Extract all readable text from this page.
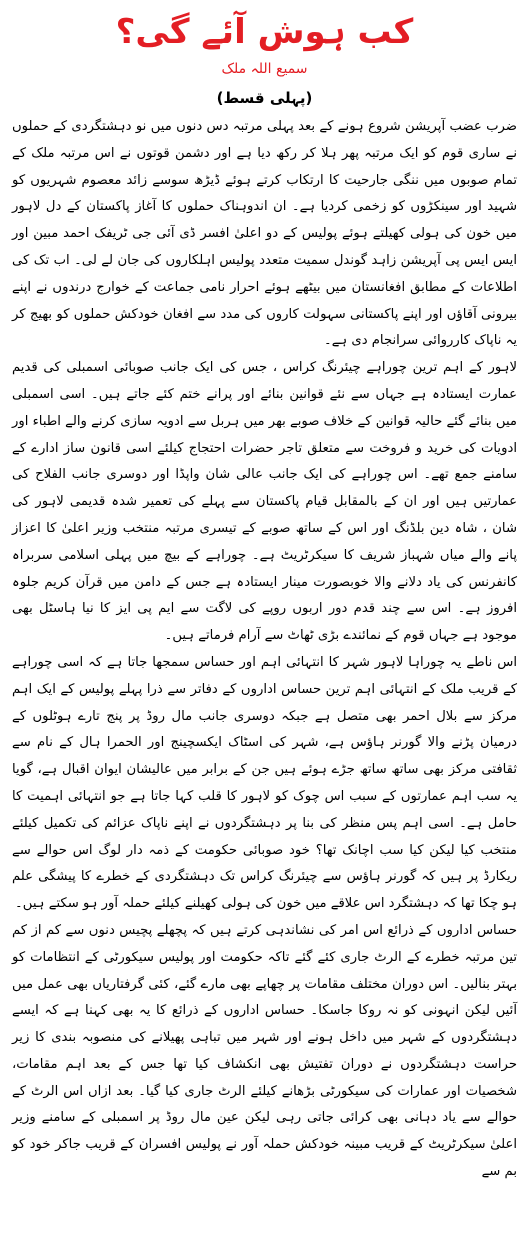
کب ہوش آئے گی؟
سمیع اللہ ملک
(پہلی قسط)

ضرب عضب آپریشن شروع ہونے کے بعد پہلی مرتبہ دس دنوں میں نو دہشتگردی کے حملوں نے ساری قوم کو ایک مرتبہ پھر ہلا کر رکھ دیا ہے اور دشمن قوتوں نے اس مرتبہ ملک کے تمام صوبوں میں ننگی جارحیت کا ارتکاب کرتے ہوئے ڈیڑھ سوسے زائد معصوم شہریوں کو شہید اور سینکڑوں کو زخمی کردیا ہے۔ ان اندوہناک حملوں کا آغاز پاکستان کے دل لاہور میں خون کی ہولی کھیلتے ہوئے پولیس کے دو اعلیٰ افسر ڈی آئی جی ٹریفک احمد مبین اور ایس ایس پی آپریشن زاہد گوندل سمیت متعدد پولیس اہلکاروں کی جان لے لی۔ اب تک کی اطلاعات کے مطابق افغانستان میں بیٹھے ہوئے احرار نامی جماعت کے خوارج درندوں نے اپنے بیرونی آقاؤں اور اپنے پاکستانی سہولت کاروں کی مدد سے افغان خودکش حملوں کو بھیج کر یہ ناپاک کارروائی سرانجام دی ہے۔

لاہور کے اہم ترین چوراہے چیئرنگ کراس ، جس کی ایک جانب صوبائی اسمبلی کی قدیم عمارت ایستادہ ہے جہاں سے نئے قوانین بنائے اور پرانے ختم کئے جاتے ہیں۔ اسی اسمبلی میں بنائے گئے حالیہ قوانین کے خلاف صوبے بھر میں ہربل سے ادویہ سازی کرنے والے اطباء اور ادویات کی خرید و فروخت سے متعلق تاجر حضرات احتجاج کیلئے اسی قانون ساز ادارے کے سامنے جمع تھے۔ اس چوراہے کی ایک جانب عالی شان واپڈا اور دوسری جانب الفلاح کی عمارتیں ہیں اور ان کے بالمقابل قیام پاکستان سے پہلے کی تعمیر شدہ قدیمی لاہور کی شان ، شاہ دین بلڈنگ اور اس کے ساتھ صوبے کے تیسری مرتبہ منتخب وزیر اعلیٰ کا اعزاز پانے والے میاں شہباز شریف کا سیکرٹریٹ ہے۔ چوراہے کے بیچ میں پہلی اسلامی سربراہ کانفرنس کی یاد دلانے والا خوبصورت مینار ایستادہ ہے جس کے دامن میں قرآن کریم جلوہ افروز ہے۔ اس سے چند قدم دور اربوں روپے کی لاگت سے ایم پی ایز کا نیا ہاسٹل بھی موجود ہے جہاں قوم کے نمائندے بڑی ٹھاٹ سے آرام فرماتے ہیں۔

اس ناطے یہ چوراہا لاہور شہر کا انتہائی اہم اور حساس سمجھا جاتا ہے کہ اسی چوراہے کے قریب ملک کے انتہائی اہم ترین حساس اداروں کے دفاتر سے ذرا پہلے پولیس کے ایک اہم مرکز سے بلال احمر بھی متصل ہے جبکہ دوسری جانب مال روڈ پر پنج تارے ہوٹلوں کے درمیان پڑنے والا گورنر ہاؤس ہے، شہر کی اسٹاک ایکسچینج اور الحمرا ہال کے نام سے ثقافتی مرکز بھی ساتھ ساتھ جڑے ہوئے ہیں جن کے برابر میں عالیشان ایوان اقبال ہے، گویا یہ سب اہم عمارتوں کے سبب اس چوک کو لاہور کا قلب کہا جاتا ہے جو انتہائی اہمیت کا حامل ہے۔ اسی اہم پس منظر کی بنا پر دہشتگردوں نے اپنے ناپاک عزائم کی تکمیل کیلئے منتخب کیا لیکن کیا سب اچانک تھا؟ خود صوبائی حکومت کے ذمہ دار لوگ اس حوالے سے ریکارڈ پر ہیں کہ گورنر ہاؤس سے چیئرنگ کراس تک دہشتگردی کے خطرے کا پیشگی علم ہو چکا تھا کہ دہشتگرد اس علاقے میں خون کی ہولی کھیلنے کیلئے حملہ آور ہو سکتے ہیں۔

حساس اداروں کے ذرائع اس امر کی نشاندہی کرتے ہیں کہ پچھلے پچیس دنوں سے کم از کم تین مرتبہ خطرے کے الرٹ جاری کئے گئے تاکہ حکومت اور پولیس سیکورٹی کے انتظامات کو بہتر بنالیں۔ اس دوران مختلف مقامات پر چھاپے بھی مارے گئے، کئی گرفتاریاں بھی عمل میں آئیں لیکن انہونی کو نہ روکا جاسکا۔ حساس اداروں کے ذرائع کا یہ بھی کہنا ہے کہ ایسے دہشتگردوں کے شہر میں داخل ہونے اور شہر میں تباہی پھیلانے کی منصوبہ بندی کا زیر حراست دہشتگردوں نے دوران تفتیش بھی انکشاف کیا تھا جس کے بعد اہم مقامات، شخصیات اور عمارات کی سیکورٹی بڑھانے کیلئے الرٹ جاری کیا گیا۔ بعد ازاں اس الرٹ کے حوالے سے یاد دہانی بھی کرائی جاتی رہی لیکن عین مال روڈ پر اسمبلی کے سامنے وزیر اعلیٰ سیکرٹریٹ کے قریب مبینہ خودکش حملہ آور نے پولیس افسران کے قریب جاکر خود کو بم سے
